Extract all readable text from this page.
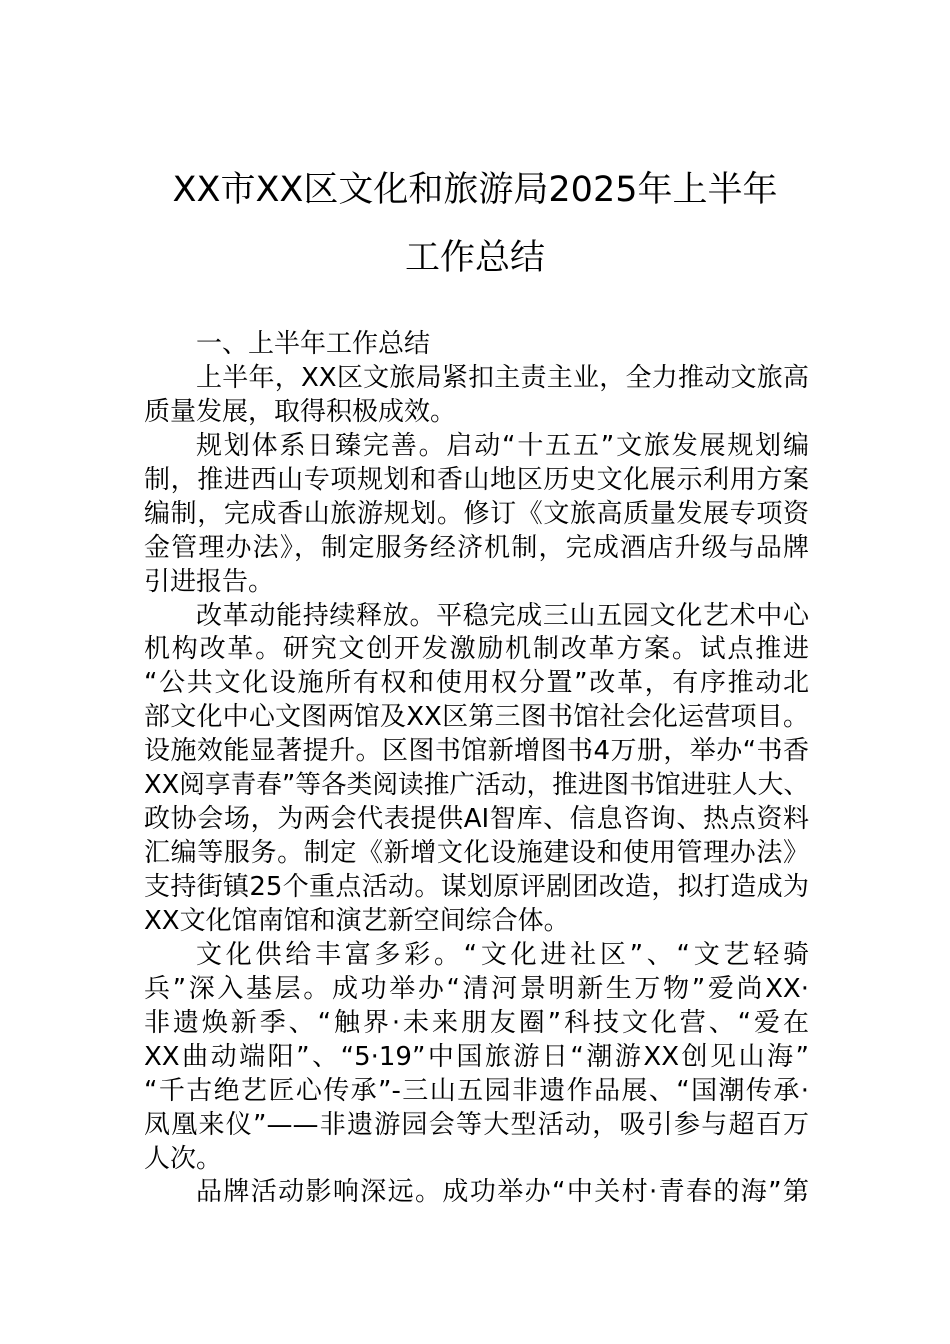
XX市XX区文化和旅游局2025年上半年
工作总结

一、上半年工作总结

上半年，XX区文旅局紧扣主责主业，全力推动文旅高

质量发展，取得积极成效。

规划体系日臻完善。启动“十五五”文旅发展规划编

制，推进西山专项规划和香山地区历史文化展示利用方案

编制，完成香山旅游规划。修订《文旅高质量发展专项资

金管理办法》，制定服务经济机制，完成酒店升级与品牌

引进报告。

改革动能持续释放。平稳完成三山五园文化艺术中心

机构改革。研究文创开发激励机制改革方案。试点推进

“公共文化设施所有权和使用权分置”改革，有序推动北

部文化中心文图两馆及XX区第三图书馆社会化运营项目。

设施效能显著提升。区图书馆新增图书4万册，举办“书香

XX阅享青春”等各类阅读推广活动，推进图书馆进驻人大、

政协会场，为两会代表提供AI智库、信息咨询、热点资料

汇编等服务。制定《新增文化设施建设和使用管理办法》

支持街镇25个重点活动。谋划原评剧团改造，拟打造成为

XX文化馆南馆和演艺新空间综合体。

文化供给丰富多彩。“文化进社区”、“文艺轻骑

兵”深入基层。成功举办“清河景明新生万物”爱尚XX·

非遗焕新季、“触界·未来朋友圈”科技文化营、“爱在

XX曲动端阳”、“5·19”中国旅游日“潮游XX创见山海”

“千古绝艺匠心传承”-三山五园非遗作品展、“国潮传承·

凤凰来仪”——非遗游园会等大型活动，吸引参与超百万

人次。

品牌活动影响深远。成功举办“中关村·青春的海”第
